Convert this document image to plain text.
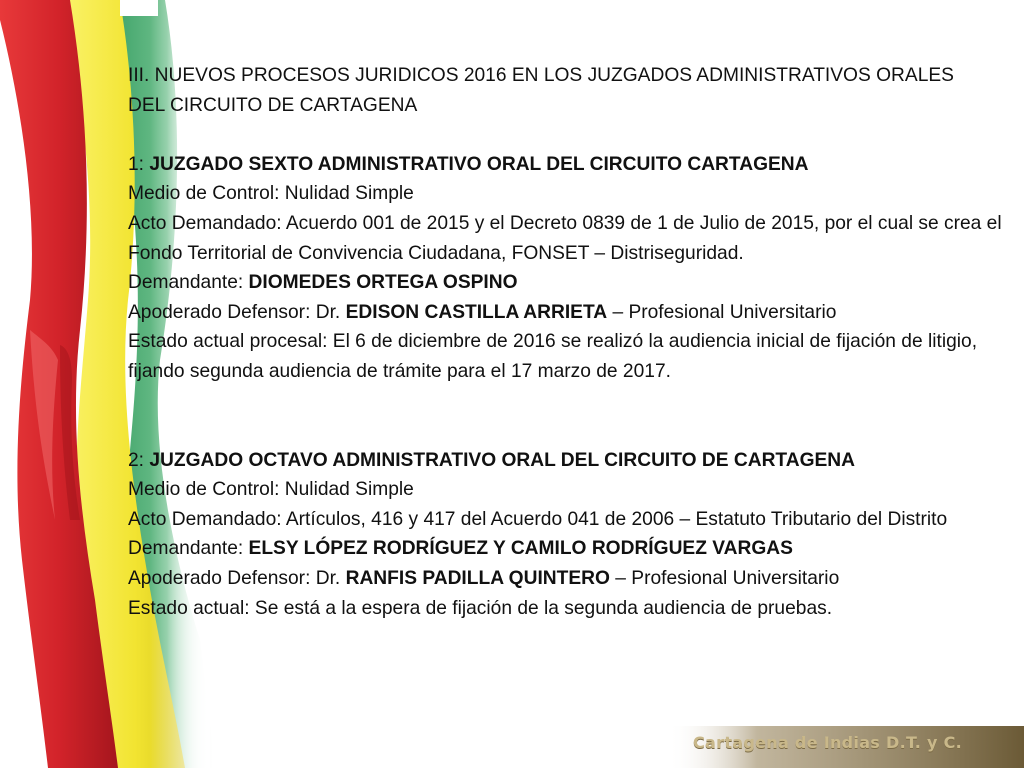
III. NUEVOS PROCESOS JURIDICOS 2016 EN LOS JUZGADOS ADMINISTRATIVOS ORALES
DEL CIRCUITO DE CARTAGENA

1: JUZGADO SEXTO ADMINISTRATIVO ORAL DEL CIRCUITO CARTAGENA

Medio de Control: Nulidad Simple

Acto Demandado: Acuerdo 001 de 2015 y el Decreto 0839 de 1 de Julio de 2015, por el cual se crea el Fondo Territorial de Convivencia Ciudadana, FONSET – Distriseguridad.

Demandante: DIOMEDES ORTEGA OSPINO

Apoderado Defensor: Dr. EDISON CASTILLA ARRIETA – Profesional Universitario

Estado actual procesal: El 6 de diciembre de 2016 se realizó la audiencia inicial de fijación de litigio, fijando segunda audiencia de trámite para el 17 marzo de 2017.

2: JUZGADO OCTAVO ADMINISTRATIVO ORAL DEL CIRCUITO DE CARTAGENA

Medio de Control: Nulidad Simple

Acto Demandado: Artículos, 416 y 417 del Acuerdo 041 de 2006 – Estatuto Tributario del Distrito

Demandante: ELSY LÓPEZ RODRÍGUEZ Y CAMILO RODRÍGUEZ VARGAS

Apoderado Defensor: Dr. RANFIS PADILLA QUINTERO – Profesional Universitario

Estado actual: Se está a la espera de fijación de la segunda audiencia de pruebas.

Cartagena de Indias D.T. y C.
